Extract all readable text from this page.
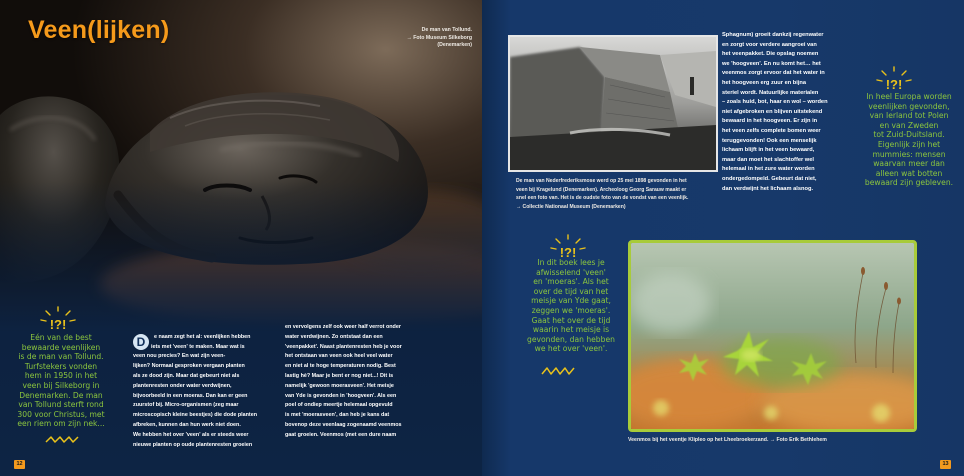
Veen(lijken)	De man van Tollund.
→ Foto Museum Silkeborg
(Denemarken)
!?!
Eén van de best
bewaarde veenlijken
is de man van Tollund.
Turfstekers vonden
hem in 1950 in het
veen bij Silkeborg in
Denemarken. De man
van Tollund sterft rond
300 voor Christus, met
een riem om zijn nek...

D	e naam zegt het al: veenlijken hebben
iets met 'veen' te maken. Maar wat is
veen nou precies? En wat zijn veen-
lijken? Normaal gesproken vergaan planten
als ze dood zijn. Maar dat gebeurt niet als
plantenresten onder water verdwijnen,
bijvoorbeeld in een moeras. Dan kan er geen
zuurstof bij. Micro-organismen (zeg maar
microscopisch kleine beestjes) die dode planten
afbreken, kunnen dan hun werk niet doen.
We hebben het over 'veen' als er steeds weer
nieuwe planten op oude plantenresten groeien

en vervolgens zelf ook weer half verrot onder
water verdwijnen. Zo ontstaat dan een
'veenpakket'. Naast plantenresten heb je voor
het ontstaan van veen ook heel veel water
en niet al te hoge temperaturen nodig. Best
lastig hè? Maar je bent er nog niet...! Dit is
namelijk 'gewoon moerasveen'. Het meisje
van Yde is gevonden in 'hoogveen'. Als een
poel of ondiep meertje helemaal opgevuld
is met 'moerasveen', dan heb je kans dat
bovenop deze veenlaag zogenaamd veenmos
gaat groeien. Veenmos (met een dure naam
12
De man van Nederfrederiksmose werd op 25 mei 1898 gevonden in het
veen bij Kragelund (Denemarken). Archeoloog Georg Sarauw maakt er
snel een foto van. Het is de oudste foto van de vondst van een veenlijk.
→ Collectie Nationaal Museum (Denemarken)
Sphagnum) groeit dankzij regenwater
en zorgt voor verdere aangroei van
het veenpakket. Die opslag noemen
we 'hoogveen'. En nu komt het… het
veenmos zorgt ervoor dat het water in
het hoogveen erg zuur en bijna
steriel wordt. Natuurlijke materialen
– zoals huid, bot, haar en wol – worden
niet afgebroken en blijven uitstekend
bewaard in het hoogveen. Er zijn in
het veen zelfs complete bomen weer
teruggevonden! Ook een menselijk
lichaam blijft in het veen bewaard,
maar dan moet het slachtoffer wel
helemaal in het zure water worden
ondergedompeld. Gebeurt dat niet,
dan verdwijnt het lichaam alsnog.
!?!
In heel Europa worden
veenlijken gevonden,
van Ierland tot Polen
en van Zweden
tot Zuid-Duitsland.
Eigenlijk zijn het
mummies: mensen
waarvan meer dan
alleen wat botten
bewaard zijn gebleven.
!?!
In dit boek lees je
afwisselend 'veen'
en 'moeras'. Als het
over de tijd van het
meisje van Yde gaat,
zeggen we 'moeras'.
Gaat het over de tijd
waarin het meisje is
gevonden, dan hebben
we het over 'veen'.
Veenmos bij het veentje Klipleo op het Lheebroekerzand. → Foto Erik Bethlehem
13
